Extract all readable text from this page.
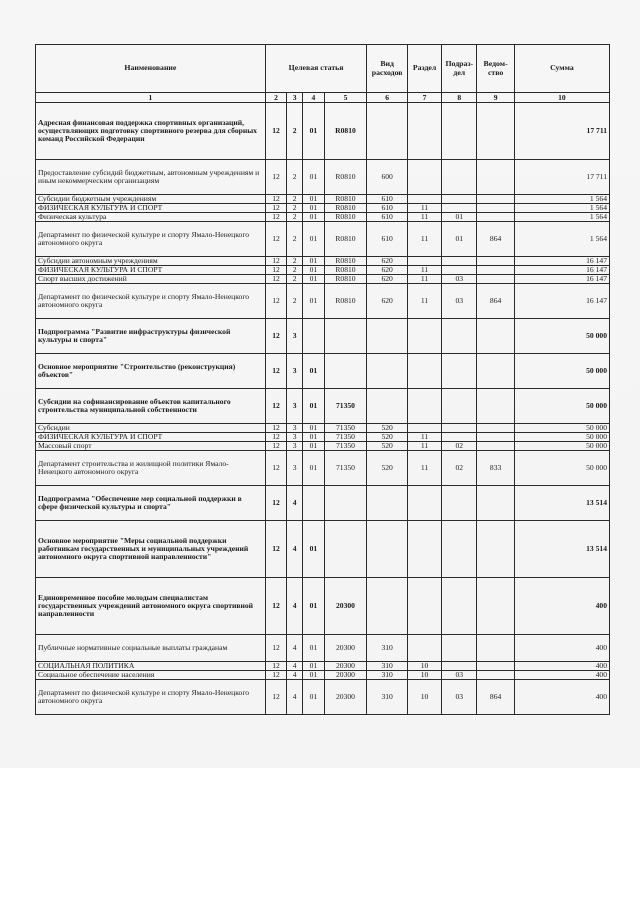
Наименование	Целевая статья				Вид расходов	Раздел	Подраз-дел	Ведом-ство	Сумма
1	2	3	4	5	6	7	8	9	10
Адресная финансовая поддержка спортивных организаций, осуществляющих подготовку спортивного резерва для сборных команд Российской Федерации	12	2	01	R0810					17 711
Предоставление субсидий бюджетным, автономным учреждениям и иным некоммерческим организациям	12	2	01	R0810	600				17 711
Субсидии бюджетным учреждениям	12	2	01	R0810	610				1 564
ФИЗИЧЕСКАЯ КУЛЬТУРА И СПОРТ	12	2	01	R0810	610	11			1 564
Физическая культура	12	2	01	R0810	610	11	01		1 564
Департамент по физической культуре и спорту Ямало-Ненецкого автономного округа	12	2	01	R0810	610	11	01	864	1 564
Субсидии автономным учреждениям	12	2	01	R0810	620				16 147
ФИЗИЧЕСКАЯ КУЛЬТУРА И СПОРТ	12	2	01	R0810	620	11			16 147
Спорт высших достижений	12	2	01	R0810	620	11	03		16 147
Департамент по физической культуре и спорту Ямало-Ненецкого автономного округа	12	2	01	R0810	620	11	03	864	16 147
Подпрограмма "Развитие инфраструктуры физической культуры и спорта"	12	3							50 000
Основное мероприятие "Строительство (реконструкция) объектов"	12	3	01						50 000
Субсидии на софинансирование объектов капитального строительства муниципальной собственности	12	3	01	71350					50 000
Субсидии	12	3	01	71350	520				50 000
ФИЗИЧЕСКАЯ КУЛЬТУРА И СПОРТ	12	3	01	71350	520	11			50 000
Массовый спорт	12	3	01	71350	520	11	02		50 000
Департамент строительства и жилищной политики Ямало-Ненецкого автономного округа	12	3	01	71350	520	11	02	833	50 000
Подпрограмма "Обеспечение мер социальной поддержки в сфере физической культуры и спорта"	12	4							13 514
Основное мероприятие "Меры социальной поддержки работникам государственных и муниципальных учреждений автономного округа спортивной направленности"	12	4	01						13 514
Единовременное пособие молодым специалистам государственных учреждений автономного округа спортивной направленности	12	4	01	20300					400
Публичные нормативные социальные выплаты гражданам	12	4	01	20300	310				400
СОЦИАЛЬНАЯ ПОЛИТИКА	12	4	01	20300	310	10			400
Социальное обеспечение населения	12	4	01	20300	310	10	03		400
Департамент по физической культуре и спорту Ямало-Ненецкого автономного округа	12	4	01	20300	310	10	03	864	400
